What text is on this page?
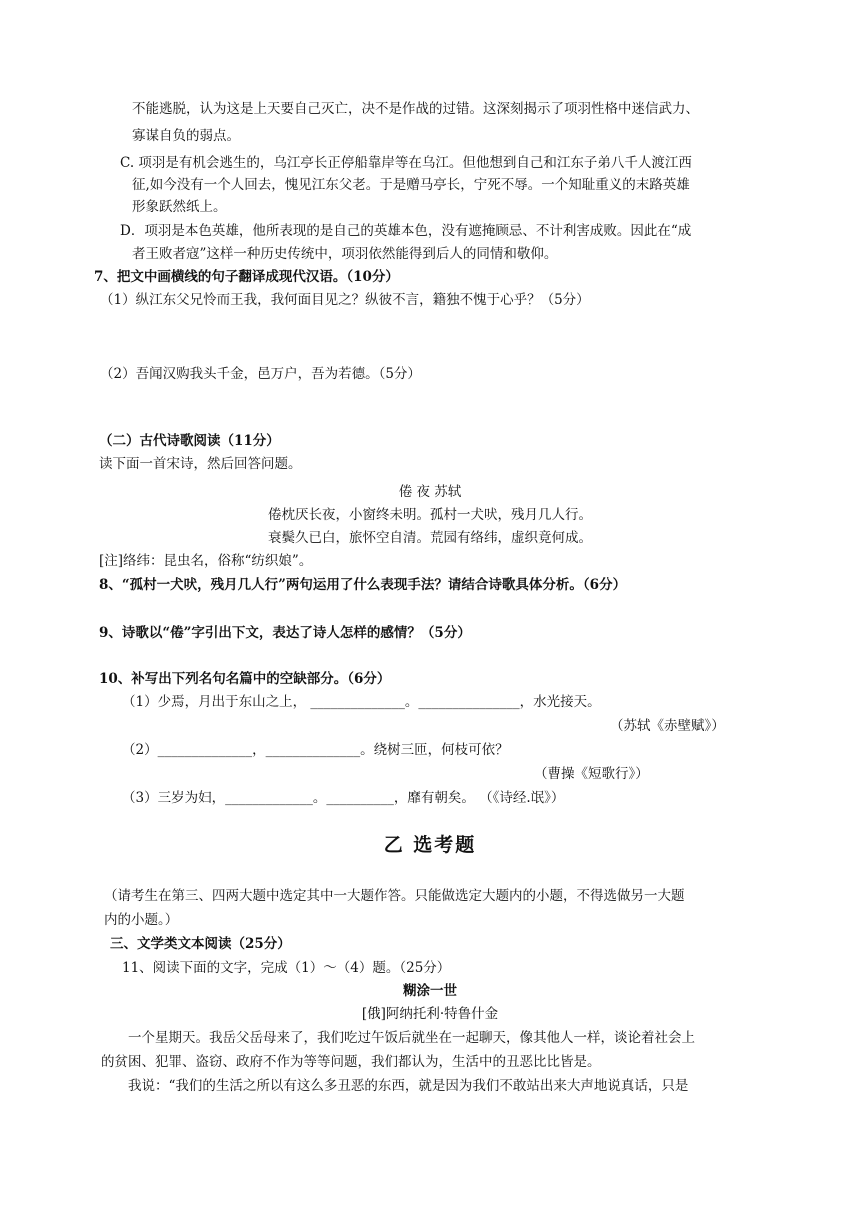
不能逃脱，认为这是上天要自己灭亡，决不是作战的过错。这深刻揭示了项羽性格中迷信武力、
寡谋自负的弱点。
C. 项羽是有机会逃生的，乌江亭长正停船靠岸等在乌江。但他想到自己和江东子弟八千人渡江西
征,如今没有一个人回去，愧见江东父老。于是赠马亭长，宁死不辱。一个知耻重义的末路英雄
形象跃然纸上。
D．项羽是本色英雄，他所表现的是自己的英雄本色，没有遮掩顾忌、不计利害成败。因此在“成
者王败者寇”这样一种历史传统中，项羽依然能得到后人的同情和敬仰。
7、把文中画横线的句子翻译成现代汉语。（10分）
（1）纵江东父兄怜而王我，我何面目见之？纵彼不言，籍独不愧于心乎？（5分）
（2）吾闻汉购我头千金，邑万户，吾为若德。（5分）
（二）古代诗歌阅读（11分）
读下面一首宋诗，然后回答问题。
倦 夜 苏轼
倦枕厌长夜，小窗终未明。孤村一犬吠，残月几人行。
衰鬓久已白，旅怀空自清。荒园有络纬，虚织竟何成。
[注]络纬：昆虫名，俗称“纺织娘”。
8、“孤村一犬吠，残月几人行”两句运用了什么表现手法？请结合诗歌具体分析。（6分）
9、诗歌以“倦”字引出下文，表达了诗人怎样的感情？（5分）
10、补写出下列名句名篇中的空缺部分。（6分）
（1）少焉，月出于东山之上， ______________。_______________，水光接天。
（苏轼《赤壁赋》）
（2）______________，______________。绕树三匝，何枝可依？
（曹操《短歌行》）
（3）三岁为妇，_____________。__________，靡有朝矣。 （《诗经.氓》）
乙 选考题
（请考生在第三、四两大题中选定其中一大题作答。只能做选定大题内的小题，不得选做另一大题
内的小题。）
三、文学类文本阅读（25分）
11、阅读下面的文字，完成（1）～（4）题。（25分）
糊涂一世
[俄]阿纳托利·特鲁什金
一个星期天。我岳父岳母来了，我们吃过午饭后就坐在一起聊天，像其他人一样，谈论着社会上
的贫困、犯罪、盗窃、政府不作为等等问题，我们都认为，生活中的丑恶比比皆是。
我说：“我们的生活之所以有这么多丑恶的东西，就是因为我们不敢站出来大声地说真话，只是
